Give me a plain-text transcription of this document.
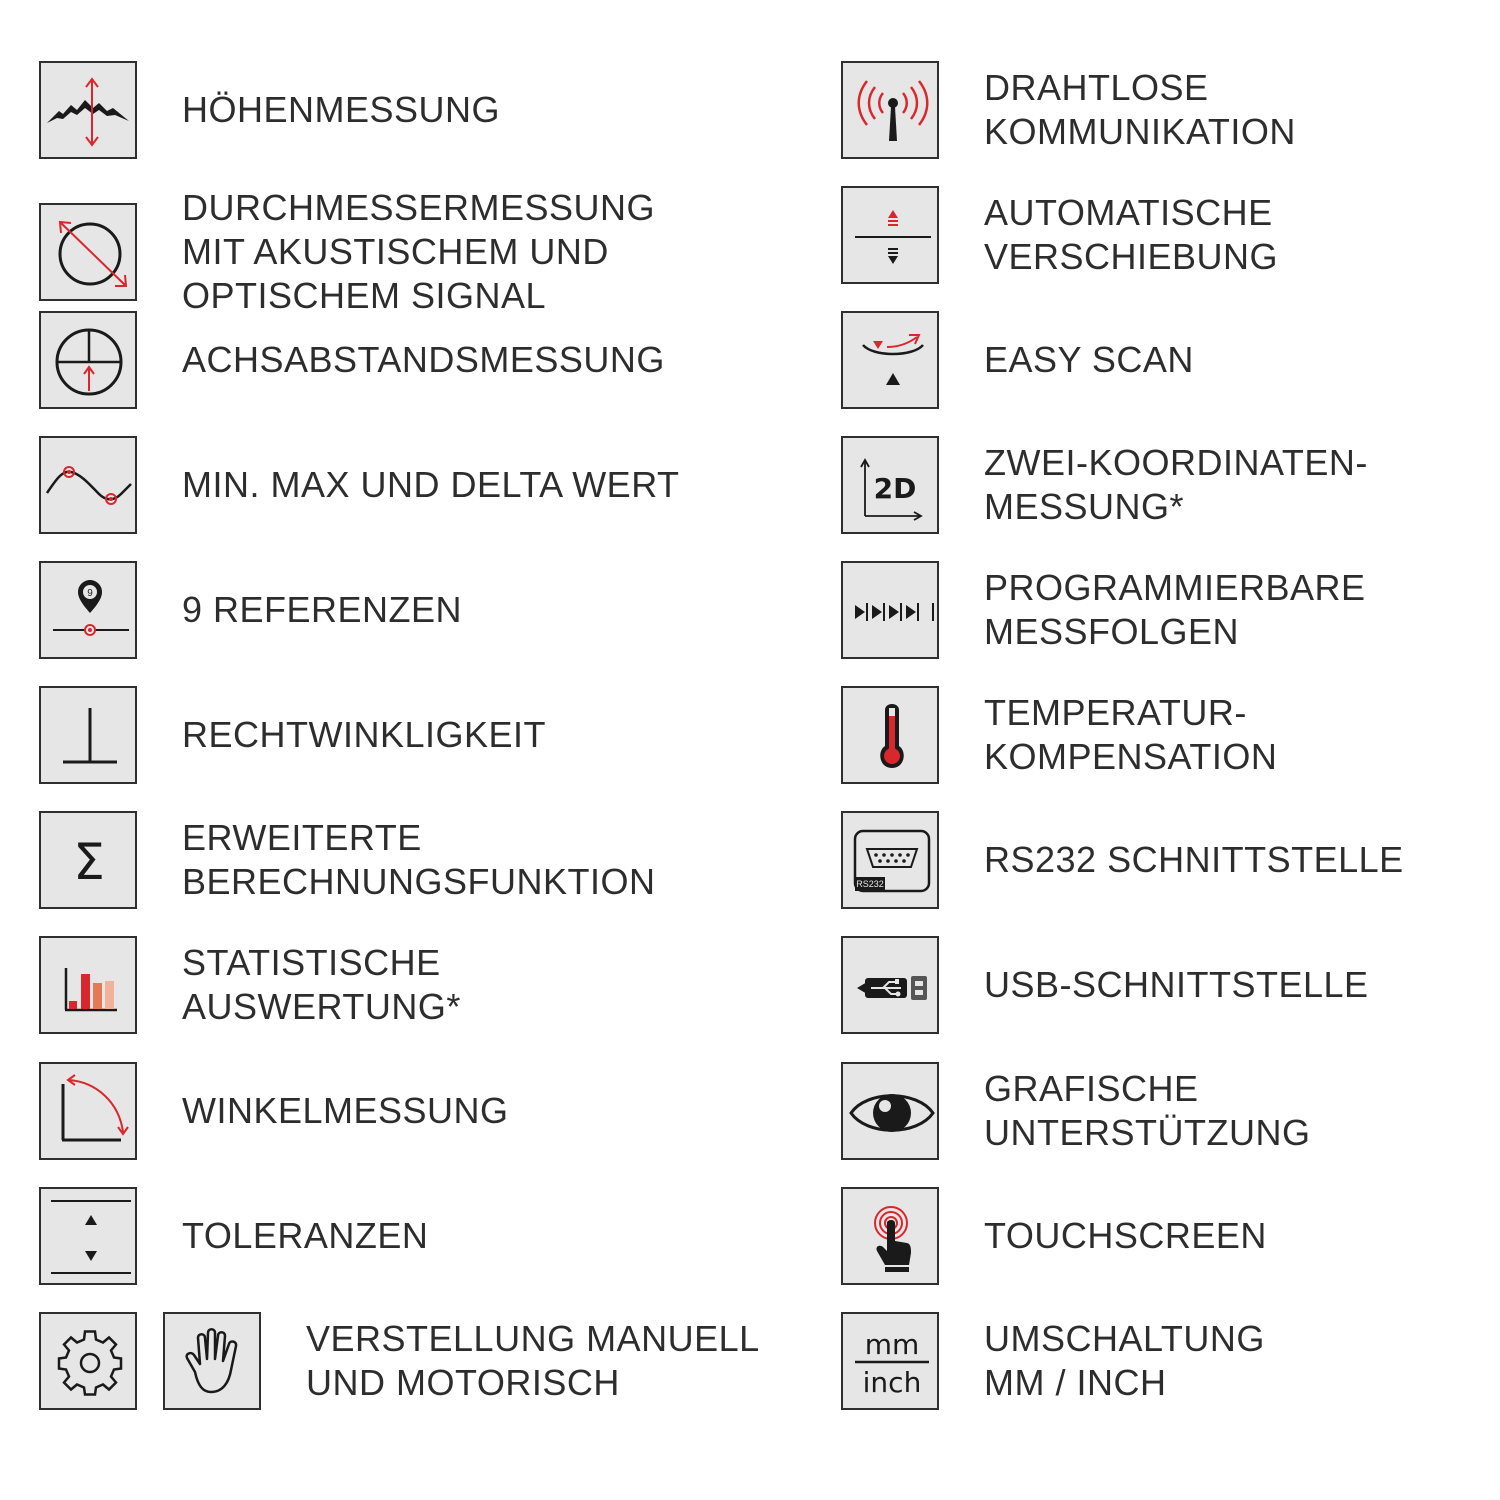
HÖHENMESSUNG
DURCHMESSERMESSUNG
MIT AKUSTISCHEM UND
OPTISCHEM SIGNAL
ACHSABSTANDSMESSUNG
MIN. MAX UND DELTA WERT
9 9 REFERENZEN
RECHTWINKLIGKEIT
Σ ERWEITERTE
BERECHNUNGSFUNKTION
STATISTISCHE
AUSWERTUNG*
WINKELMESSUNG
TOLERANZEN
VERSTELLUNG MANUELL
UND MOTORISCH
DRAHTLOSE
KOMMUNIKATION
AUTOMATISCHE
VERSCHIEBUNG
EASY SCAN
2D
ZWEI-KOORDINATEN-
MESSUNG*
PROGRAMMIERBARE
MESSFOLGEN
TEMPERATUR-
KOMPENSATION
RS232
RS232 SCHNITTSTELLE
USB-SCHNITTSTELLE
GRAFISCHE
UNTERSTÜTZUNG
TOUCHSCREEN
mm
inch
UMSCHALTUNG
MM / INCH
